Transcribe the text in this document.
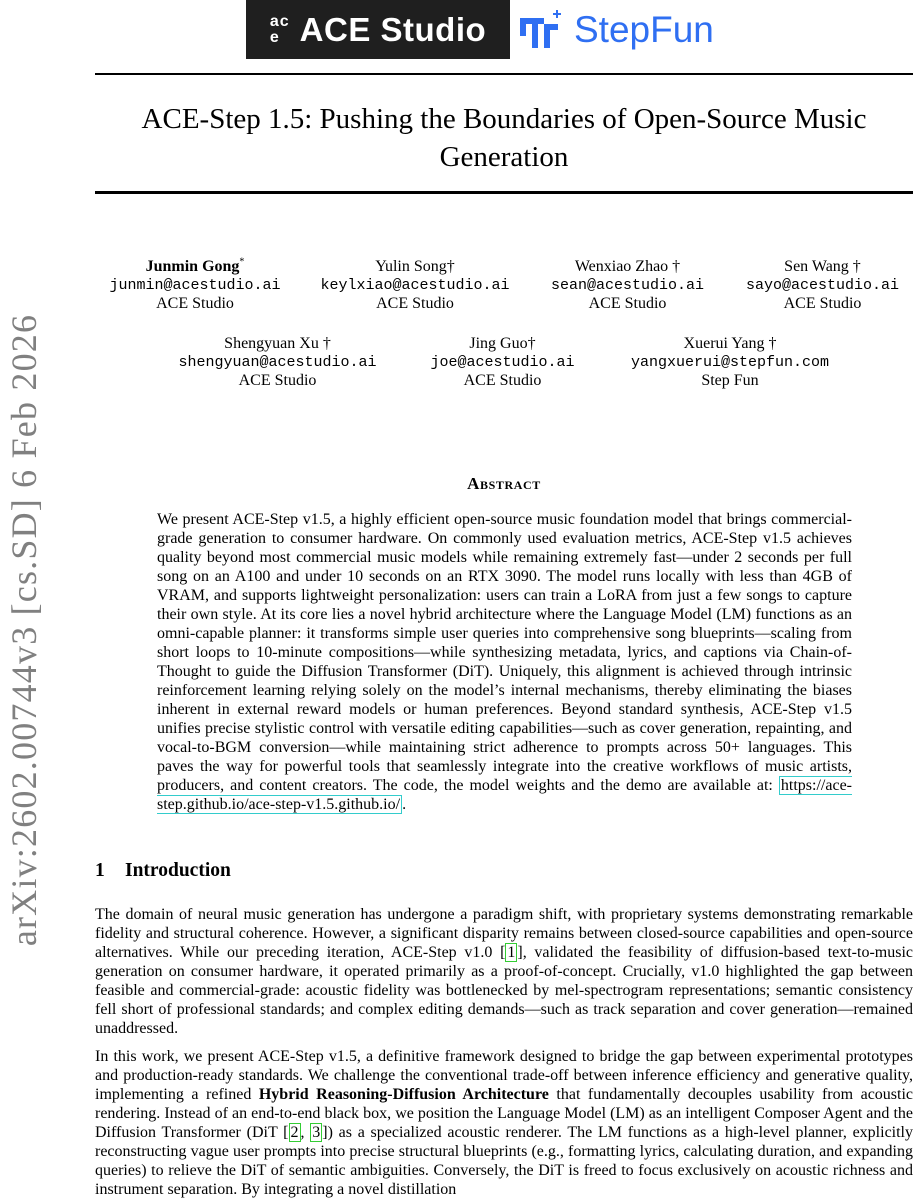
ac
e ACE Studio StepFun
arXiv:2602.00744v3 [cs.SD] 6 Feb 2026
ACE-Step 1.5: Pushing the Boundaries of Open-Source Music Generation
Junmin Gong*
junmin@acestudio.ai
ACE Studio
Yulin Song†
keylxiao@acestudio.ai
ACE Studio
Wenxiao Zhao †
sean@acestudio.ai
ACE Studio
Sen Wang †
sayo@acestudio.ai
ACE Studio
Shengyuan Xu †
shengyuan@acestudio.ai
ACE Studio
Jing Guo†
joe@acestudio.ai
ACE Studio
Xuerui Yang †
yangxuerui@stepfun.com
Step Fun
Abstract
We present ACE-Step v1.5, a highly efficient open-source music foundation model that brings commercial-grade generation to consumer hardware. On commonly used evaluation metrics, ACE-Step v1.5 achieves quality beyond most commercial music models while remaining extremely fast—under 2 seconds per full song on an A100 and under 10 seconds on an RTX 3090. The model runs locally with less than 4GB of VRAM, and supports lightweight personalization: users can train a LoRA from just a few songs to capture their own style. At its core lies a novel hybrid architecture where the Language Model (LM) functions as an omni-capable planner: it transforms simple user queries into comprehensive song blueprints—scaling from short loops to 10-minute compositions—while synthesizing metadata, lyrics, and captions via Chain-of-Thought to guide the Diffusion Transformer (DiT). Uniquely, this alignment is achieved through intrinsic reinforcement learning relying solely on the model’s internal mechanisms, thereby eliminating the biases inherent in external reward models or human preferences. Beyond standard synthesis, ACE-Step v1.5 unifies precise stylistic control with versatile editing capabilities—such as cover generation, repainting, and vocal-to-BGM conversion—while maintaining strict adherence to prompts across 50+ languages. This paves the way for powerful tools that seamlessly integrate into the creative workflows of music artists, producers, and content creators. The code, the model weights and the demo are available at: https://ace-step.github.io/ace-step-v1.5.github.io/ .
1 Introduction
The domain of neural music generation has undergone a paradigm shift, with proprietary systems demonstrating remarkable fidelity and structural coherence. However, a significant disparity remains between closed-source capabilities and open-source alternatives. While our preceding iteration, ACE-Step v1.0 [ 1 ], validated the feasibility of diffusion-based text-to-music generation on consumer hardware, it operated primarily as a proof-of-concept. Crucially, v1.0 highlighted the gap between feasible and commercial-grade: acoustic fidelity was bottlenecked by mel-spectrogram representations; semantic consistency fell short of professional standards; and complex editing demands—such as track separation and cover generation—remained unaddressed.
In this work, we present ACE-Step v1.5, a definitive framework designed to bridge the gap between experimental prototypes and production-ready standards. We challenge the conventional trade-off between inference efficiency and generative quality, implementing a refined Hybrid Reasoning-Diffusion Architecture that fundamentally decouples usability from acoustic rendering. Instead of an end-to-end black box, we position the Language Model (LM) as an intelligent Composer Agent and the Diffusion Transformer (DiT [ 2 , 3 ]) as a specialized acoustic renderer. The LM functions as a high-level planner, explicitly reconstructing vague user prompts into precise structural blueprints (e.g., formatting lyrics, calculating duration, and expanding queries) to relieve the DiT of semantic ambiguities. Conversely, the DiT is freed to focus exclusively on acoustic richness and instrument separation. By integrating a novel distillation
